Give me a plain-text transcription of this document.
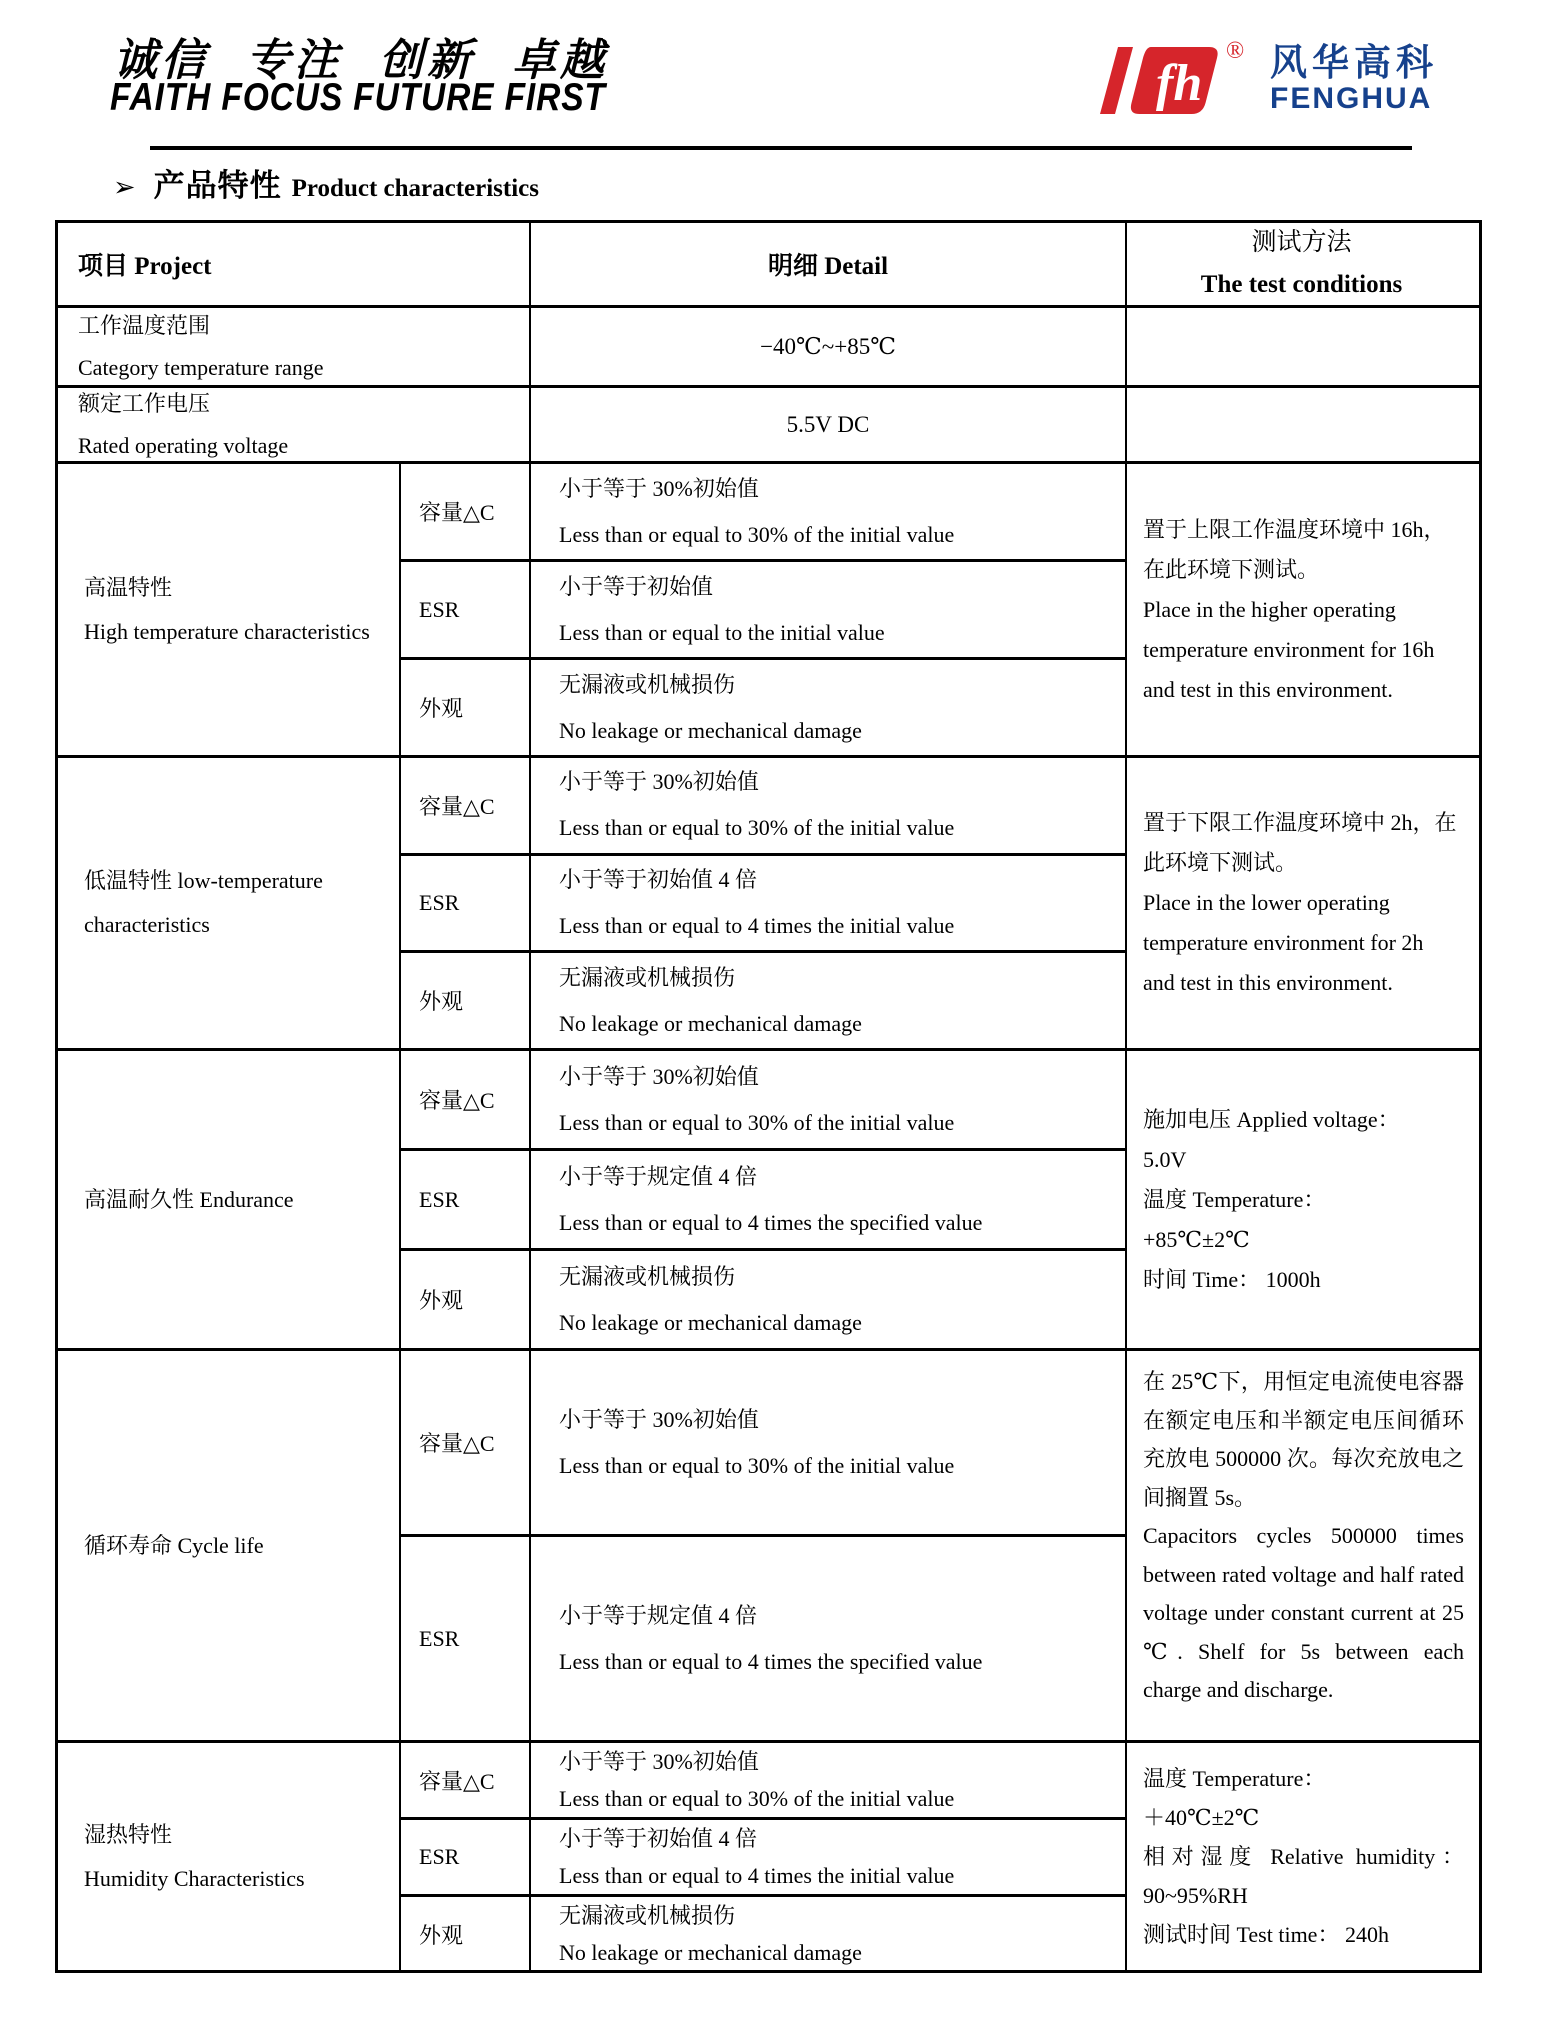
诚信 专注 创新 卓越
FAITH FOCUS FUTURE FIRST	fh
® 风华高科
FENGHUA
➢ 产品特性 Product characteristics
项目 Project	明细 Detail
测试方法
The test conditions
工作温度范围
Category temperature range
−40℃~+85℃
额定工作电压
Rated operating voltage
5.5V DC
高温特性
High temperature characteristics
容量△C
小于等于 30%初始值
Less than or equal to 30% of the initial value
ESR
小于等于初始值
Less than or equal to the initial value
外观
无漏液或机械损伤
No leakage or mechanical damage
置于上限工作温度环境中 16h，
在此环境下测试。
Place in the higher operating
temperature environment for 16h
and test in this environment.
低温特性 low-temperature
characteristics
容量△C
小于等于 30%初始值
Less than or equal to 30% of the initial value
ESR
小于等于初始值 4 倍
Less than or equal to 4 times the initial value
外观
无漏液或机械损伤
No leakage or mechanical damage
置于下限工作温度环境中 2h，在
此环境下测试。
Place in the lower operating
temperature environment for 2h
and test in this environment.
高温耐久性 Endurance
容量△C
小于等于 30%初始值
Less than or equal to 30% of the initial value
ESR
小于等于规定值 4 倍
Less than or equal to 4 times the specified value
外观
无漏液或机械损伤
No leakage or mechanical damage
施加电压 Applied voltage：
5.0V
温度 Temperature：
+85℃±2℃
时间 Time： 1000h
循环寿命 Cycle life
容量△C
小于等于 30%初始值
Less than or equal to 30% of the initial value
ESR
小于等于规定值 4 倍
Less than or equal to 4 times the specified value
在 25℃下，用恒定电流使电容器在额定电压和半额定电压间循环充放电 500000 次。每次充放电之间搁置 5s。
Capacitors cycles 500000 times between rated voltage and half rated voltage under constant current at 25 ℃. Shelf for 5s between each charge and discharge.
湿热特性
Humidity Characteristics
容量△C
小于等于 30%初始值
Less than or equal to 30% of the initial value
ESR
小于等于初始值 4 倍
Less than or equal to 4 times the initial value
外观
无漏液或机械损伤
No leakage or mechanical damage
温度 Temperature：
＋40℃±2℃
相对湿度 Relative humidity：
90~95%RH
测试时间 Test time： 240h
